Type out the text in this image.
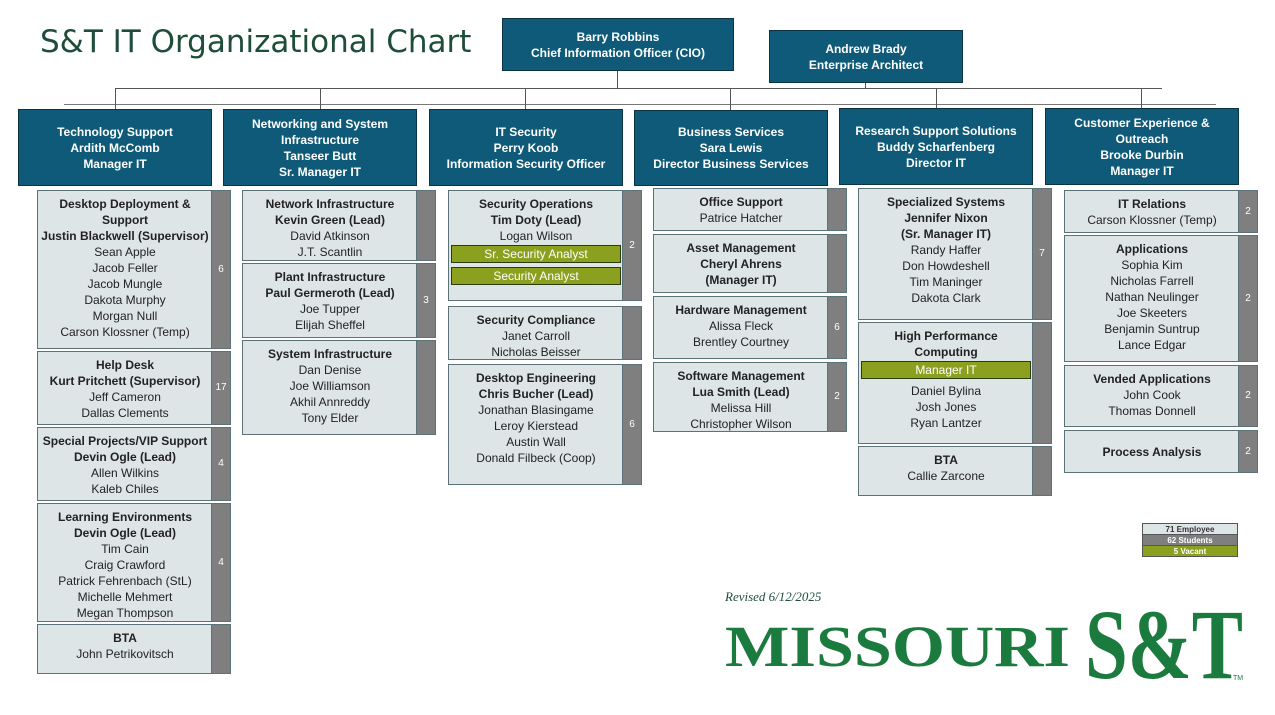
S&T IT Organizational Chart	Barry Robbins
Chief Information Officer (CIO)	Andrew Brady
Enterprise Architect
Technology Support
Ardith McComb
Manager IT
Desktop Deployment &
Support
Justin Blackwell (Supervisor)
Sean Apple
Jacob Feller
Jacob Mungle
Dakota Murphy
Morgan Null
Carson Klossner (Temp)
6
Help Desk
Kurt Pritchett (Supervisor)
Jeff Cameron
Dallas Clements
17
Special Projects/VIP Support
Devin Ogle (Lead)
Allen Wilkins
Kaleb Chiles
4
Learning Environments
Devin Ogle (Lead)
Tim Cain
Craig Crawford
Patrick Fehrenbach (StL)
Michelle Mehmert
Megan Thompson
4
BTA
John Petrikovitsch
Networking and System
Infrastructure
Tanseer Butt
Sr. Manager IT
Network Infrastructure
Kevin Green (Lead)
David Atkinson
J.T. Scantlin
Plant Infrastructure
Paul Germeroth (Lead)
Joe Tupper
Elijah Sheffel
3
System Infrastructure
Dan Denise
Joe Williamson
Akhil Annreddy
Tony Elder
IT Security
Perry Koob
Information Security Officer
Security Operations
Tim Doty (Lead)
Logan Wilson
Sr. Security Analyst
Security Analyst
2
Security Compliance
Janet Carroll
Nicholas Beisser
Desktop Engineering
Chris Bucher (Lead)
Jonathan Blasingame
Leroy Kierstead
Austin Wall
Donald Filbeck (Coop)
6
Business Services
Sara Lewis
Director Business Services
Office Support
Patrice Hatcher
Asset Management
Cheryl Ahrens
(Manager IT)
Hardware Management
Alissa Fleck
Brentley Courtney
6
Software Management
Lua Smith (Lead)
Melissa Hill
Christopher Wilson
2
Research Support Solutions
Buddy Scharfenberg
Director IT
Specialized Systems
Jennifer Nixon
(Sr. Manager IT)
Randy Haffer
Don Howdeshell
Tim Maninger
Dakota Clark
7
High Performance
Computing
Manager IT
Daniel Bylina
Josh Jones
Ryan Lantzer
BTA
Callie Zarcone
Customer Experience &
Outreach
Brooke Durbin
Manager IT
IT Relations
Carson Klossner (Temp)
2
Applications
Sophia Kim
Nicholas Farrell
Nathan Neulinger
Joe Skeeters
Benjamin Suntrup
Lance Edgar
2
Vended Applications
John Cook
Thomas Donnell
2
Process Analysis	2
71 Employee
62 Students
5 Vacant
Revised 6/12/2025
MISSOURI S&T
TM
